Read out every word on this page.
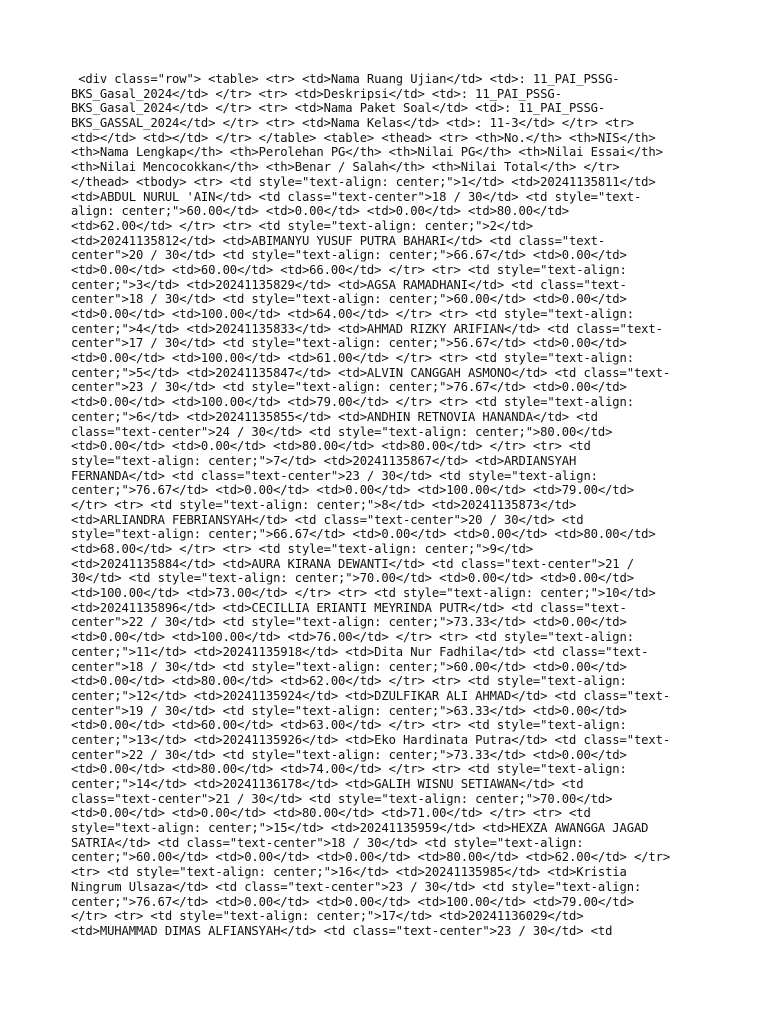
<div class="row"> <table> <tr> <td>Nama Ruang Ujian</td> <td>: 11_PAI_PSSG-
BKS_Gasal_2024</td> </tr> <tr> <td>Deskripsi</td> <td>: 11_PAI_PSSG-
BKS_Gasal_2024</td> </tr> <tr> <td>Nama Paket Soal</td> <td>: 11_PAI_PSSG-
BKS_GASSAL_2024</td> </tr> <tr> <td>Nama Kelas</td> <td>: 11-3</td> </tr> <tr>
<td></td> <td></td> </tr> </table> <table> <thead> <tr> <th>No.</th> <th>NIS</th>
<th>Nama Lengkap</th> <th>Perolehan PG</th> <th>Nilai PG</th> <th>Nilai Essai</th>
<th>Nilai Mencocokkan</th> <th>Benar / Salah</th> <th>Nilai Total</th> </tr>
</thead> <tbody> <tr> <td style="text-align: center;">1</td> <td>20241135811</td>
<td>ABDUL NURUL 'AIN</td> <td class="text-center">18 / 30</td> <td style="text-
align: center;">60.00</td> <td>0.00</td> <td>0.00</td> <td>80.00</td>
<td>62.00</td> </tr> <tr> <td style="text-align: center;">2</td>
<td>20241135812</td> <td>ABIMANYU YUSUF PUTRA BAHARI</td> <td class="text-
center">20 / 30</td> <td style="text-align: center;">66.67</td> <td>0.00</td>
<td>0.00</td> <td>60.00</td> <td>66.00</td> </tr> <tr> <td style="text-align:
center;">3</td> <td>20241135829</td> <td>AGSA RAMADHANI</td> <td class="text-
center">18 / 30</td> <td style="text-align: center;">60.00</td> <td>0.00</td>
<td>0.00</td> <td>100.00</td> <td>64.00</td> </tr> <tr> <td style="text-align:
center;">4</td> <td>20241135833</td> <td>AHMAD RIZKY ARIFIAN</td> <td class="text-
center">17 / 30</td> <td style="text-align: center;">56.67</td> <td>0.00</td>
<td>0.00</td> <td>100.00</td> <td>61.00</td> </tr> <tr> <td style="text-align:
center;">5</td> <td>20241135847</td> <td>ALVIN CANGGAH ASMONO</td> <td class="text-
center">23 / 30</td> <td style="text-align: center;">76.67</td> <td>0.00</td>
<td>0.00</td> <td>100.00</td> <td>79.00</td> </tr> <tr> <td style="text-align:
center;">6</td> <td>20241135855</td> <td>ANDHIN RETNOVIA HANANDA</td> <td
class="text-center">24 / 30</td> <td style="text-align: center;">80.00</td>
<td>0.00</td> <td>0.00</td> <td>80.00</td> <td>80.00</td> </tr> <tr> <td
style="text-align: center;">7</td> <td>20241135867</td> <td>ARDIANSYAH
FERNANDA</td> <td class="text-center">23 / 30</td> <td style="text-align:
center;">76.67</td> <td>0.00</td> <td>0.00</td> <td>100.00</td> <td>79.00</td>
</tr> <tr> <td style="text-align: center;">8</td> <td>20241135873</td>
<td>ARLIANDRA FEBRIANSYAH</td> <td class="text-center">20 / 30</td> <td
style="text-align: center;">66.67</td> <td>0.00</td> <td>0.00</td> <td>80.00</td>
<td>68.00</td> </tr> <tr> <td style="text-align: center;">9</td>
<td>20241135884</td> <td>AURA KIRANA DEWANTI</td> <td class="text-center">21 /
30</td> <td style="text-align: center;">70.00</td> <td>0.00</td> <td>0.00</td>
<td>100.00</td> <td>73.00</td> </tr> <tr> <td style="text-align: center;">10</td>
<td>20241135896</td> <td>CECILLIA ERIANTI MEYRINDA PUTR</td> <td class="text-
center">22 / 30</td> <td style="text-align: center;">73.33</td> <td>0.00</td>
<td>0.00</td> <td>100.00</td> <td>76.00</td> </tr> <tr> <td style="text-align:
center;">11</td> <td>20241135918</td> <td>Dita Nur Fadhila</td> <td class="text-
center">18 / 30</td> <td style="text-align: center;">60.00</td> <td>0.00</td>
<td>0.00</td> <td>80.00</td> <td>62.00</td> </tr> <tr> <td style="text-align:
center;">12</td> <td>20241135924</td> <td>DZULFIKAR ALI AHMAD</td> <td class="text-
center">19 / 30</td> <td style="text-align: center;">63.33</td> <td>0.00</td>
<td>0.00</td> <td>60.00</td> <td>63.00</td> </tr> <tr> <td style="text-align:
center;">13</td> <td>20241135926</td> <td>Eko Hardinata Putra</td> <td class="text-
center">22 / 30</td> <td style="text-align: center;">73.33</td> <td>0.00</td>
<td>0.00</td> <td>80.00</td> <td>74.00</td> </tr> <tr> <td style="text-align:
center;">14</td> <td>20241136178</td> <td>GALIH WISNU SETIAWAN</td> <td
class="text-center">21 / 30</td> <td style="text-align: center;">70.00</td>
<td>0.00</td> <td>0.00</td> <td>80.00</td> <td>71.00</td> </tr> <tr> <td
style="text-align: center;">15</td> <td>20241135959</td> <td>HEXZA AWANGGA JAGAD
SATRIA</td> <td class="text-center">18 / 30</td> <td style="text-align:
center;">60.00</td> <td>0.00</td> <td>0.00</td> <td>80.00</td> <td>62.00</td> </tr>
<tr> <td style="text-align: center;">16</td> <td>20241135985</td> <td>Kristia
Ningrum Ulsaza</td> <td class="text-center">23 / 30</td> <td style="text-align:
center;">76.67</td> <td>0.00</td> <td>0.00</td> <td>100.00</td> <td>79.00</td>
</tr> <tr> <td style="text-align: center;">17</td> <td>20241136029</td>
<td>MUHAMMAD DIMAS ALFIANSYAH</td> <td class="text-center">23 / 30</td> <td
